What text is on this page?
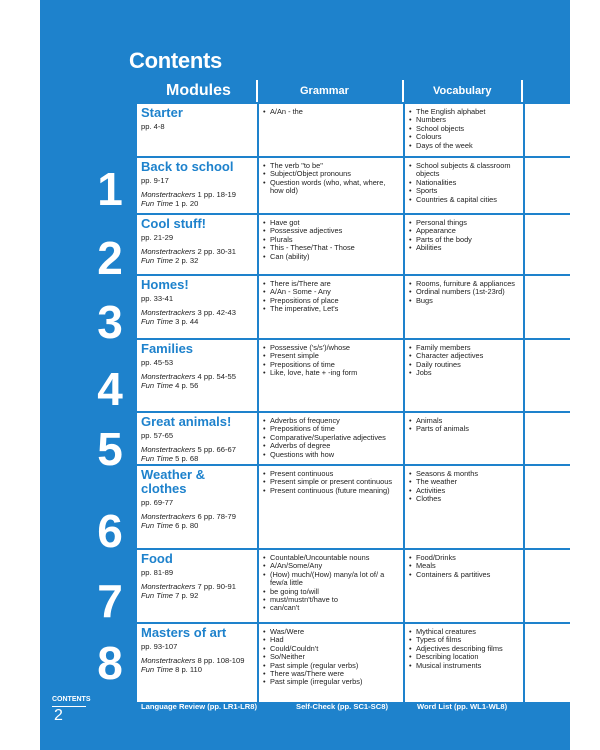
Contents
Modules	Grammar	Vocabulary
Starter
pp. 4-8
• A/An - the
•	The English alphabet
• Numbers
• School objects
• Colours
• Days of the week
Back to school
pp. 9-17
Monstertrackers 1 pp. 18-19
Fun Time 1 p. 20
• The verb "to be"
• Subject/Object pronouns
• Question words (who, what, where, how old)
• School subjects & classroom objects
• Nationalities
• Sports
• Countries & capital cities
Cool stuff!
pp. 21-29
Monstertrackers 2 pp. 30-31
Fun Time 2 p. 32
• Have got
• Possessive adjectives
• Plurals
• This - These/That - Those
• Can (ability)
• Personal things
• Appearance
• Parts of the body
• Abilities
Homes!
pp. 33-41
Monstertrackers 3 pp. 42-43
Fun Time 3 p. 44
• There is/There are
• A/An - Some - Any
• Prepositions of place
• The imperative, Let's
• Rooms, furniture & appliances
• Ordinal numbers (1st-23rd)
• Bugs
Families
pp. 45-53
Monstertrackers 4 pp. 54-55
Fun Time 4 p. 56
• Possessive ('s/s')/whose
• Present simple
• Prepositions of time
• Like, love, hate + -ing form
• Family members
• Character adjectives
• Daily routines
• Jobs
Great animals!
pp. 57-65
Monstertrackers 5 pp. 66-67
Fun Time 5 p. 68
• Adverbs of frequency
• Prepositions of time
• Comparative/Superlative adjectives
• Adverbs of degree
• Questions with how
• Animals
• Parts of animals
Weather & clothes
pp. 69-77
Monstertrackers 6 pp. 78-79
Fun Time 6 p. 80
• Present continuous
• Present simple or present continuous
• Present continuous (future meaning)
• Seasons & months
• The weather
• Activities
• Clothes
Food
pp. 81-89
Monstertrackers 7 pp. 90-91
Fun Time 7 p. 92
• Countable/Uncountable nouns
• A/An/Some/Any
• (How) much/(How) many/a lot of/ a few/a little
• be going to/will
• must/mustn't/have to
• can/can't
• Food/Drinks
• Meals
• Containers & partitives
Masters of art
pp. 93-107
Monstertrackers 8 pp. 108-109
Fun Time 8 p. 110
• Was/Were
• Had
• Could/Couldn't
• So/Neither
• Past simple (regular verbs)
• There was/There were
• Past simple (irregular verbs)
• Mythical creatures
• Types of films
• Adjectives describing films
• Describing location
• Musical instruments
CONTENTS
2
Language Review (pp. LR1-LR8)	Self-Check (pp. SC1-SC8)	Word List (pp. WL1-WL8)
1
2
3
4
5
6
7
8
